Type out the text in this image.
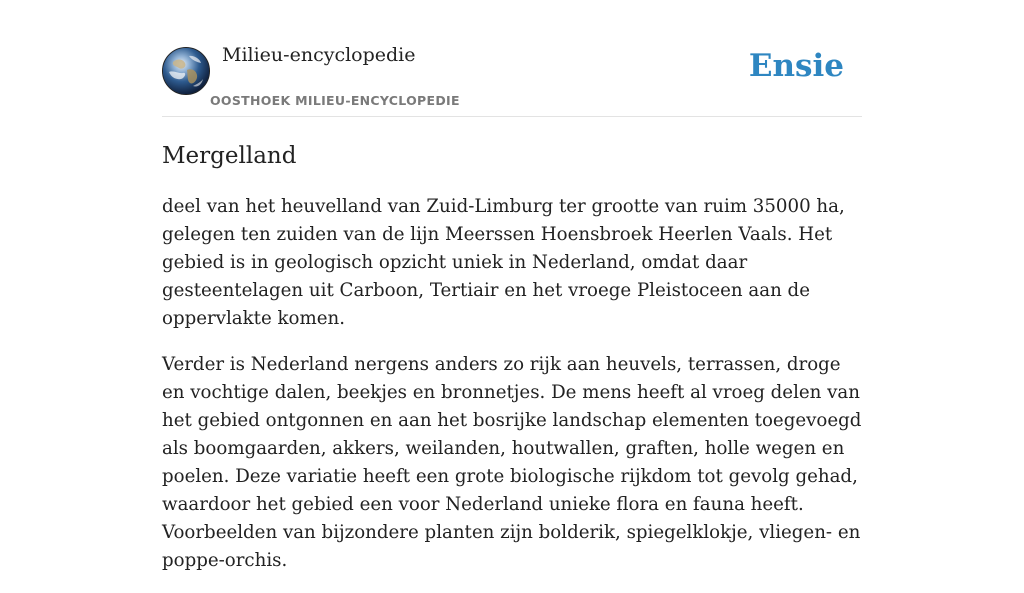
Milieu-encyclopedie
OOSTHOEK MILIEU-ENCYCLOPEDIE
Ensie
Mergelland

deel van het heuvelland van Zuid-Limburg ter grootte van ruim 35000 ha, gelegen ten zuiden van de lijn Meerssen Hoensbroek Heerlen Vaals. Het gebied is in geologisch opzicht uniek in Nederland, omdat daar gesteentelagen uit Carboon, Tertiair en het vroege Pleistoceen aan de oppervlakte komen.

Verder is Nederland nergens anders zo rijk aan heuvels, terrassen, droge en vochtige dalen, beekjes en bronnetjes. De mens heeft al vroeg delen van het gebied ontgonnen en aan het bosrijke landschap elementen toegevoegd als boomgaarden, akkers, weilanden, houtwallen, graften, holle wegen en poelen. Deze variatie heeft een grote biologische rijkdom tot gevolg gehad, waardoor het gebied een voor Nederland unieke flora en fauna heeft. Voorbeelden van bijzondere planten zijn bolderik, spiegelklokje, vliegen- en poppe-orchis.
